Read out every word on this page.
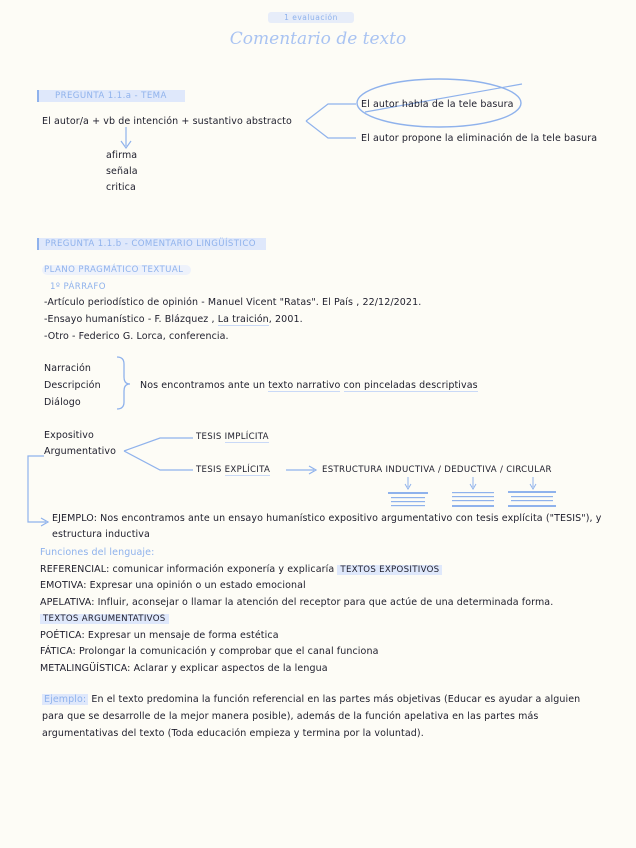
1 evaluación
Comentario de texto
PREGUNTA 1.1.a - TEMA
El autor/a + vb de intención + sustantivo abstracto
afirma
señala
critica
El autor habla de la tele basura
El autor propone la eliminación de la tele basura
PREGUNTA 1.1.b - COMENTARIO LINGÜÍSTICO
PLANO PRAGMÁTICO TEXTUAL
1º PÁRRAFO
-Artículo periodístico de opinión - Manuel Vicent "Ratas". El País , 22/12/2021.
-Ensayo humanístico - F. Blázquez , La traición, 2001.
-Otro - Federico G. Lorca, conferencia.
Narración
Descripción
Diálogo
Nos encontramos ante un texto narrativo con pinceladas descriptivas
Expositivo
Argumentativo
TESIS IMPLÍCITA
TESIS EXPLÍCITA	ESTRUCTURA INDUCTIVA / DEDUCTIVA / CIRCULAR
EJEMPLO: Nos encontramos ante un ensayo humanístico expositivo argumentativo con tesis explícita ("TESIS"), y
estructura inductiva
Funciones del lenguaje:
REFERENCIAL: comunicar información exponería y explicaría TEXTOS EXPOSITIVOS
EMOTIVA: Expresar una opinión o un estado emocional
APELATIVA: Influir, aconsejar o llamar la atención del receptor para que actúe de una determinada forma.
TEXTOS ARGUMENTATIVOS
POÉTICA: Expresar un mensaje de forma estética
FÁTICA: Prolongar la comunicación y comprobar que el canal funciona
METALINGÜÍSTICA: Aclarar y explicar aspectos de la lengua
Ejemplo: En el texto predomina la función referencial en las partes más objetivas (Educar es ayudar a alguien
para que se desarrolle de la mejor manera posible), además de la función apelativa en las partes más
argumentativas del texto (Toda educación empieza y termina por la voluntad).
